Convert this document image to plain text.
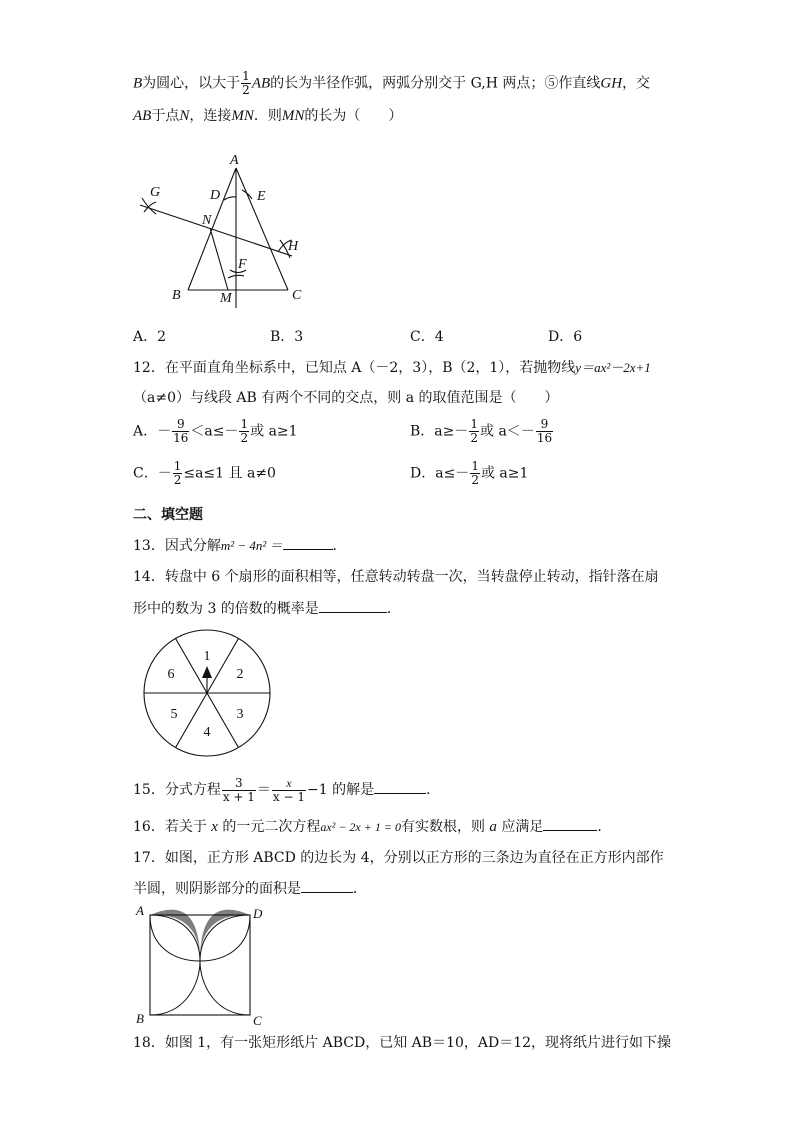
B为圆心，以大于 $\frac{1}{2}$ AB的长为半径作弧，两弧分别交于 G,H 两点；⑤作直线GH，交
AB于点N，连接MN．则MN的长为（　　）
A
B	C
D	E
F
G
H
M
N
A．2	B．3	C．4	D．6
12．在平面直角坐标系中，已知点 A（－2，3），B（2，1），若抛物线y＝ax²－2x+1
（a≠0）与线段 AB 有两个不同的交点，则 a 的取值范围是（　　）
A．－ $\frac{9}{16} <a\le- \frac{1}{2}$ 或 a≥1	B．$a\ge- \frac{1}{2}$ 或 $a<- \frac{9}{16}$
C．－ $\frac{1}{2} \le a\le 1$ 且 a≠0	D．$a\le- \frac{1}{2}$ 或 a≥1
二、填空题
13．因式分解m² − 4n² ＝	．
14．转盘中 6 个扇形的面积相等，任意转动转盘一次，当转盘停止转动，指针落在扇
形中的数为 3 的倍数的概率是	．
1
2
3
4
5
6
15．分式方程 $\frac{3}{x + 1} = \frac{x}{x - 1} -1$ 的解是	．
16．若关于 x 的一元二次方程ax² − 2x + 1 = 0有实数根，则 a 应满足	．
17．如图，正方形 ABCD 的边长为 4，分别以正方形的三条边为直径在正方形内部作
半圆，则阴影部分的面积是	．
A	D
B	C
18．如图 1，有一张矩形纸片 ABCD，已知 AB＝10，AD＝12，现将纸片进行如下操
